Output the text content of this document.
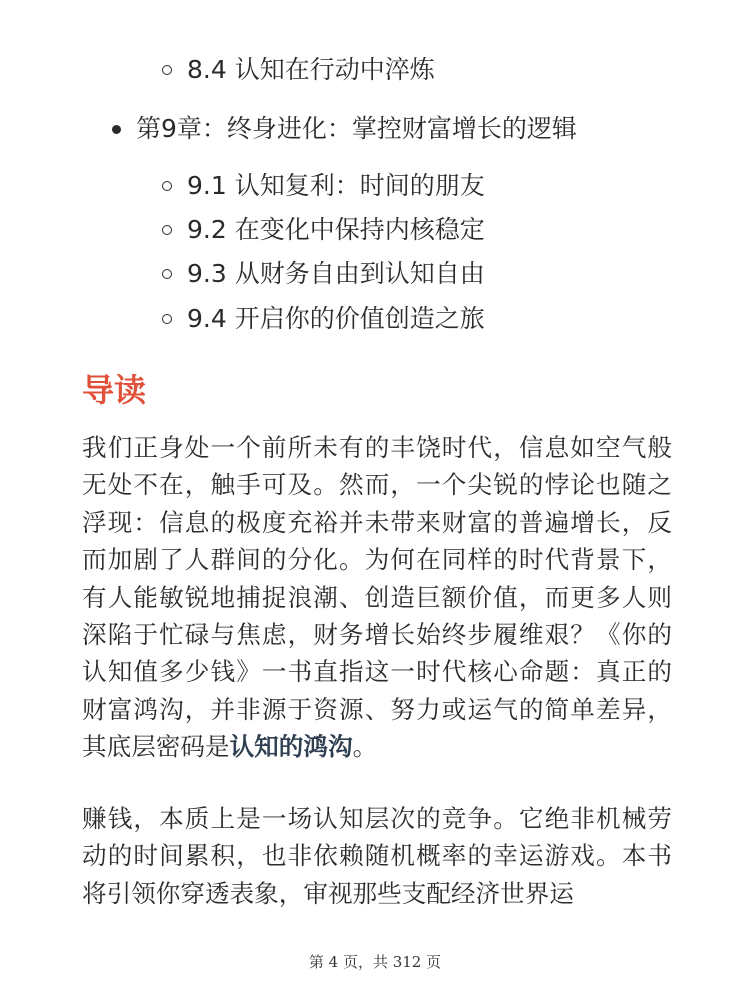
8.4 认知在行动中淬炼
第9章：终身进化：掌控财富增长的逻辑
9.1 认知复利：时间的朋友
9.2 在变化中保持内核稳定
9.3 从财务自由到认知自由
9.4 开启你的价值创造之旅
导读

我们正身处一个前所未有的丰饶时代，信息如空气般无处不在，触手可及。然而，一个尖锐的悖论也随之浮现：信息的极度充裕并未带来财富的普遍增长，反而加剧了人群间的分化。为何在同样的时代背景下，有人能敏锐地捕捉浪潮、创造巨额价值，而更多人则深陷于忙碌与焦虑，财务增长始终步履维艰？《你的认知值多少钱》一书直指这一时代核心命题：真正的财富鸿沟，并非源于资源、努力或运气的简单差异，其底层密码是认知的鸿沟。

赚钱，本质上是一场认知层次的竞争。它绝非机械劳动的时间累积，也非依赖随机概率的幸运游戏。本书将引领你穿透表象，审视那些支配经济世界运

第 4 页，共 312 页
